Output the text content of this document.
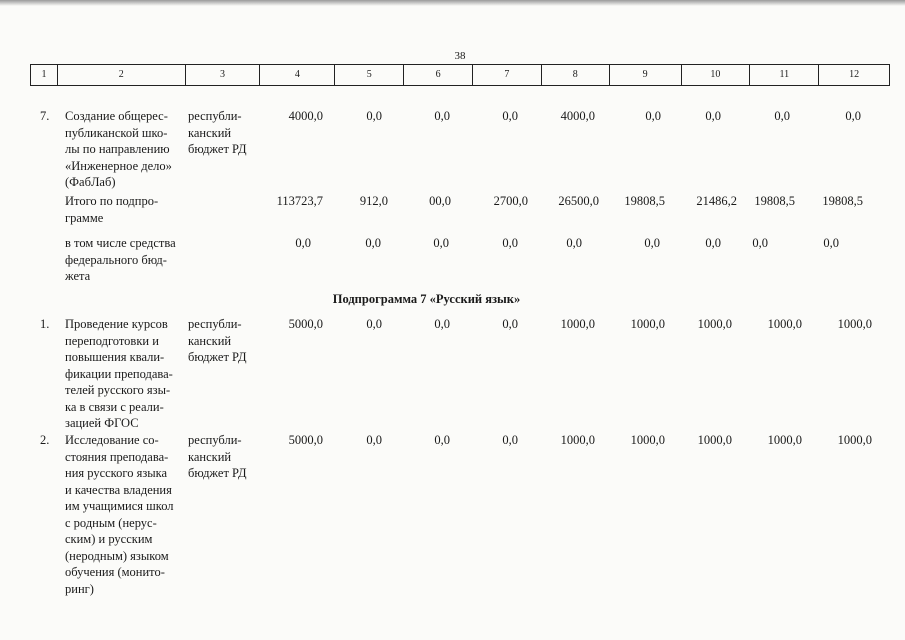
38
1	2	3	4	5	6	7	8	9	10	11	12
7. Создание общерес-
публиканской шко-
лы по направлению
«Инженерное дело»
(ФабЛаб)
республи-
канский
бюджет РД
4000,0	0,0	0,0	0,0	4000,0	0,0	0,0	0,0	0,0
Итого по подпро-
грамме
113723,7	912,0	00,0	2700,0 26500,0 19808,5	21486,2 19808,5 19808,5
в том числе средства
федерального бюд-
жета
0,0	0,0	0,0	0,0	0,0	0,0	0,0	0,0	0,0
Подпрограмма 7 «Русский язык»
1. Проведение курсов
переподготовки и
повышения квали-
фикации преподава-
телей русского язы-
ка в связи с реали-
зацией ФГОС
республи-
канский
бюджет РД
5000,0	0,0	0,0	0,0	1000,0	1000,0	1000,0	1000,0	1000,0
2. Исследование со-
стояния преподава-
ния русского языка
и качества владения
им учащимися школ
с родным (нерус-
ским) и русским
(неродным) языком
обучения (монито-
ринг)
республи-
канский
бюджет РД
5000,0	0,0	0,0	0,0	1000,0	1000,0	1000,0	1000,0	1000,0
